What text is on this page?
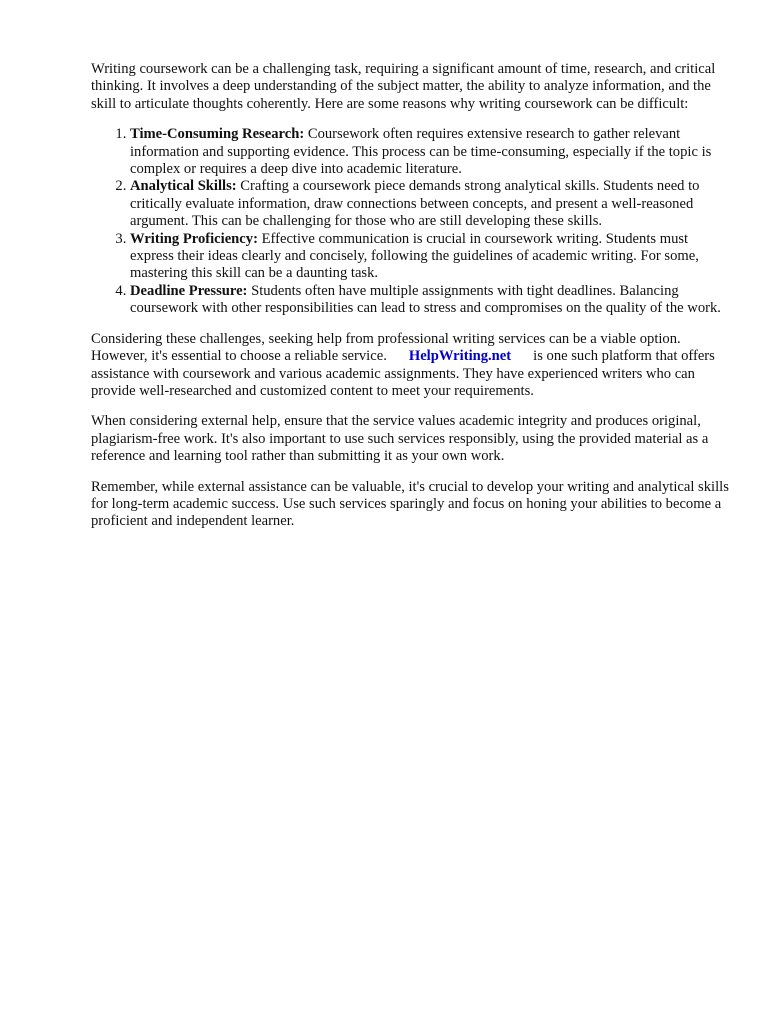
Writing coursework can be a challenging task, requiring a significant amount of time, research, and critical thinking. It involves a deep understanding of the subject matter, the ability to analyze information, and the skill to articulate thoughts coherently. Here are some reasons why writing coursework can be difficult:

1. Time-Consuming Research: Coursework often requires extensive research to gather relevant information and supporting evidence. This process can be time-consuming, especially if the topic is complex or requires a deep dive into academic literature.
2. Analytical Skills: Crafting a coursework piece demands strong analytical skills. Students need to critically evaluate information, draw connections between concepts, and present a well-reasoned argument. This can be challenging for those who are still developing these skills.
3. Writing Proficiency: Effective communication is crucial in coursework writing. Students must express their ideas clearly and concisely, following the guidelines of academic writing. For some, mastering this skill can be a daunting task.
4. Deadline Pressure: Students often have multiple assignments with tight deadlines. Balancing coursework with other responsibilities can lead to stress and compromises on the quality of the work.

Considering these challenges, seeking help from professional writing services can be a viable option. However, it's essential to choose a reliable service. HelpWriting.net is one such platform that offers assistance with coursework and various academic assignments. They have experienced writers who can provide well-researched and customized content to meet your requirements.

When considering external help, ensure that the service values academic integrity and produces original, plagiarism-free work. It's also important to use such services responsibly, using the provided material as a reference and learning tool rather than submitting it as your own work.

Remember, while external assistance can be valuable, it's crucial to develop your writing and analytical skills for long-term academic success. Use such services sparingly and focus on honing your abilities to become a proficient and independent learner.
